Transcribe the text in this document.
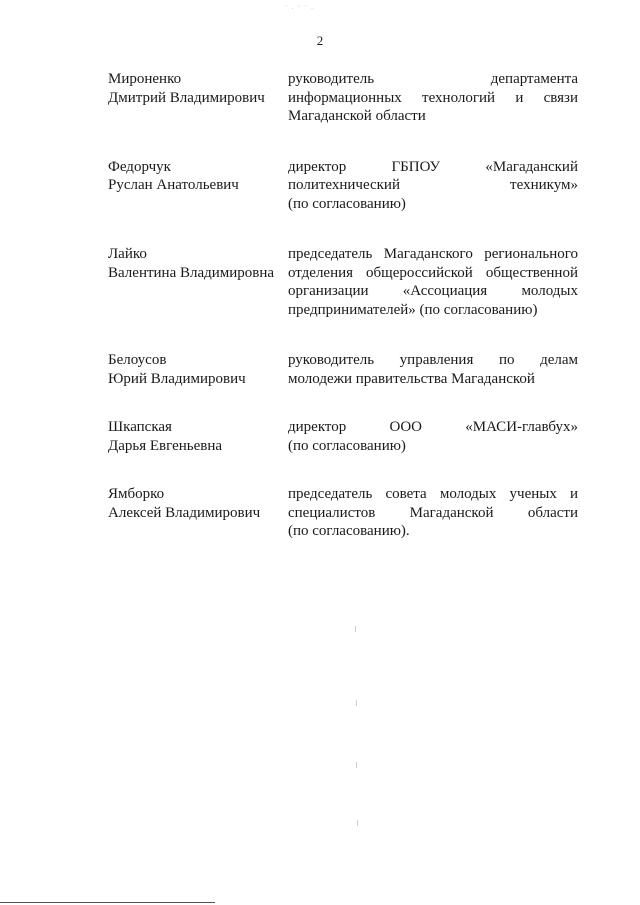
· . · · .
2
Мироненко
Дмитрий Владимирович
руководитель департамента
информационных технологий и связи
Магаданской области
Федорчук
Руслан Анатольевич
директор ГБПОУ «Магаданский
политехнический техникум»
(по согласованию)
Лайко
Валентина Владимировна
председатель Магаданского регионального
отделения общероссийской общественной
организации «Ассоциация молодых
предпринимателей» (по согласованию)
Белоусов
Юрий Владимирович
руководитель управления по делам
молодежи правительства Магаданской
Шкапская
Дарья Евгеньевна
директор ООО «МАСИ-главбух»
(по согласованию)
Ямборко
Алексей Владимирович
председатель совета молодых ученых и
специалистов Магаданской области
(по согласованию).
